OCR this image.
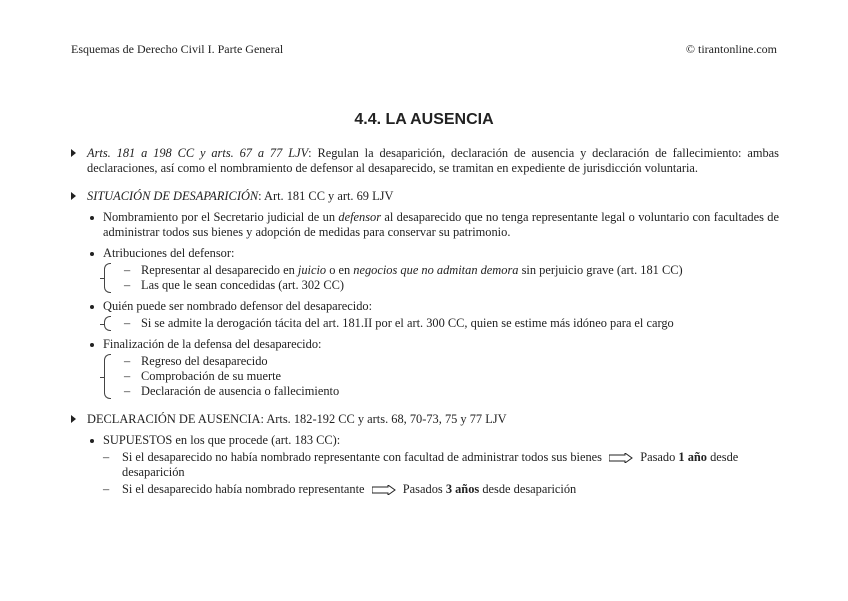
Esquemas de Derecho Civil I. Parte General	© tirantonline.com
4.4. LA AUSENCIA
Arts. 181 a 198 CC y arts. 67 a 77 LJV: Regulan la desaparición, declaración de ausencia y declaración de fallecimiento: ambas declaraciones, así como el nombramiento de defensor al desaparecido, se tramitan en expediente de jurisdicción voluntaria.
SITUACIÓN DE DESAPARICIÓN: Art. 181 CC y art. 69 LJV
Nombramiento por el Secretario judicial de un defensor al desaparecido que no tenga representante legal o voluntario con facultades de administrar todos sus bienes y adopción de medidas para conservar su patrimonio.
Atribuciones del defensor:
– Representar al desaparecido en juicio o en negocios que no admitan demora sin perjuicio grave (art. 181 CC)
– Las que le sean concedidas (art. 302 CC)
Quién puede ser nombrado defensor del desaparecido:
– Si se admite la derogación tácita del art. 181.II por el art. 300 CC, quien se estime más idóneo para el cargo
Finalización de la defensa del desaparecido:
– Regreso del desaparecido
– Comprobación de su muerte
– Declaración de ausencia o fallecimiento
DECLARACIÓN DE AUSENCIA: Arts. 182-192 CC y arts. 68, 70-73, 75 y 77 LJV
SUPUESTOS en los que procede (art. 183 CC):
– Si el desaparecido no había nombrado representante con facultad de administrar todos sus bienes	Pasado 1 año desde desaparición
– Si el desaparecido había nombrado representante	Pasados 3 años desde desaparición
